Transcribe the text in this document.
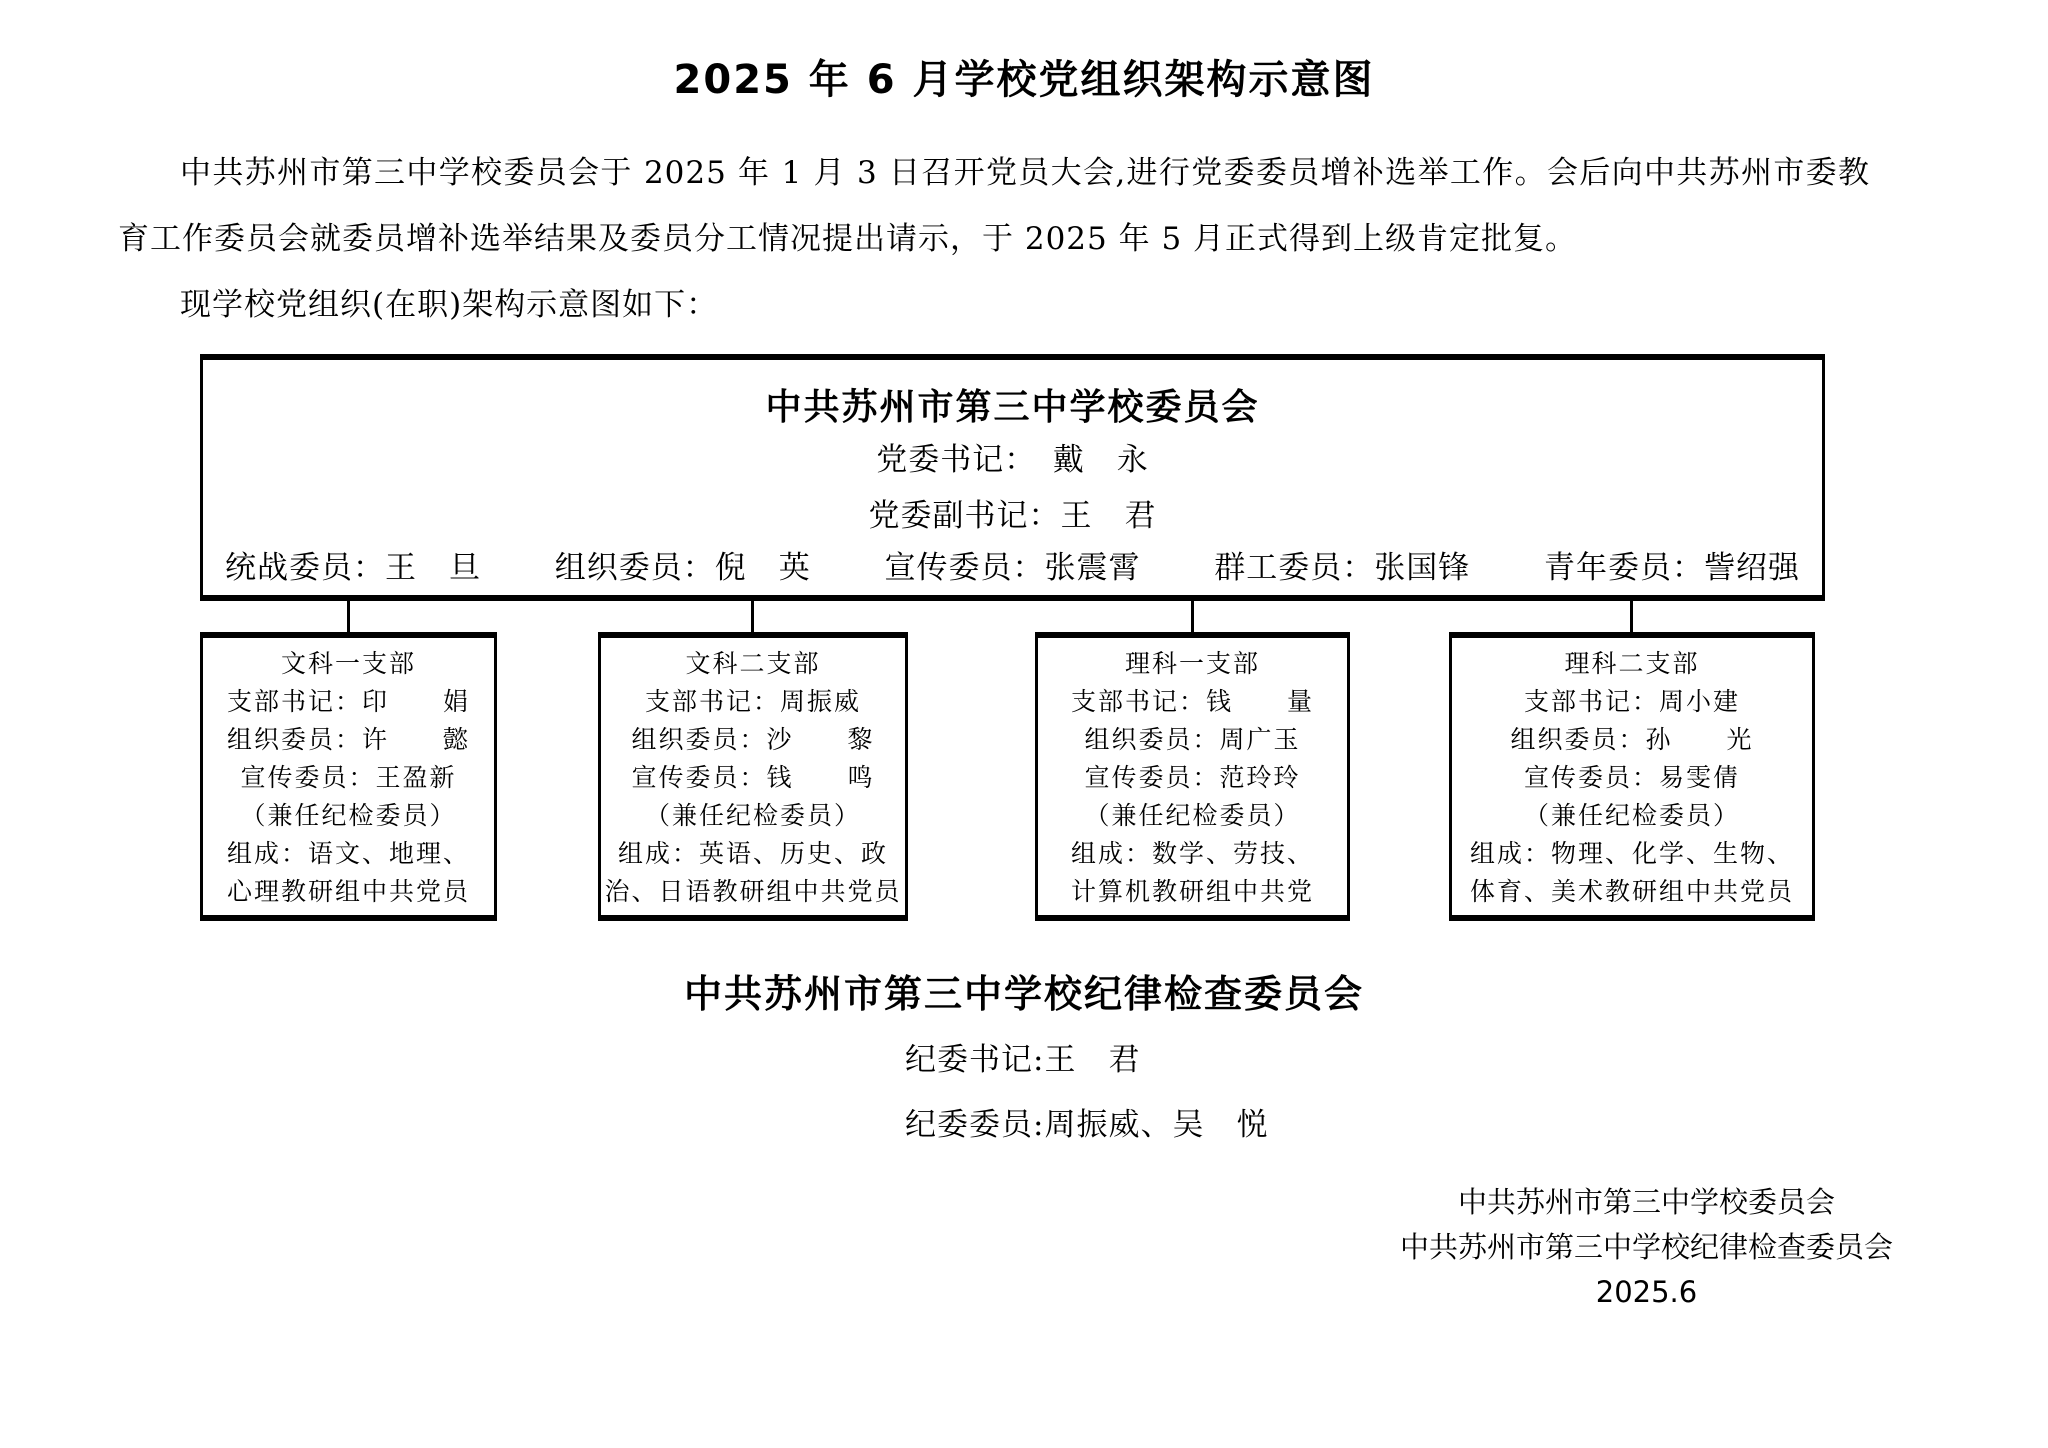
2025 年 6 月学校党组织架构示意图

中共苏州市第三中学校委员会于 2025 年 1 月 3 日召开党员大会,进行党委委员增补选举工作。会后向中共苏州市委教育工作委员会就委员增补选举结果及委员分工情况提出请示，于 2025 年 5 月正式得到上级肯定批复。

现学校党组织(在职)架构示意图如下：

中共苏州市第三中学校委员会
党委书记：　戴　永
党委副书记：王　君
统战委员：王　旦 组织委员：倪　英 宣传委员：张震霄 群工委员：张国锋 青年委员：訾绍强
文科一支部
支部书记：印　　娟
组织委员：许　　懿
宣传委员：王盈新
（兼任纪检委员）
组成：语文、地理、
心理教研组中共党员
文科二支部
支部书记：周振威
组织委员：沙　　黎
宣传委员：钱　　鸣
（兼任纪检委员）
组成：英语、历史、政
治、日语教研组中共党员
理科一支部
支部书记：钱　　量
组织委员：周广玉
宣传委员：范玲玲
（兼任纪检委员）
组成：数学、劳技、
计算机教研组中共党
理科二支部
支部书记：周小建
组织委员：孙　　光
宣传委员：易雯倩
（兼任纪检委员）
组成：物理、化学、生物、
体育、美术教研组中共党员
中共苏州市第三中学校纪律检查委员会
纪委书记:王　君
纪委委员:周振威、吴　悦
中共苏州市第三中学校委员会
中共苏州市第三中学校纪律检查委员会
2025.6
